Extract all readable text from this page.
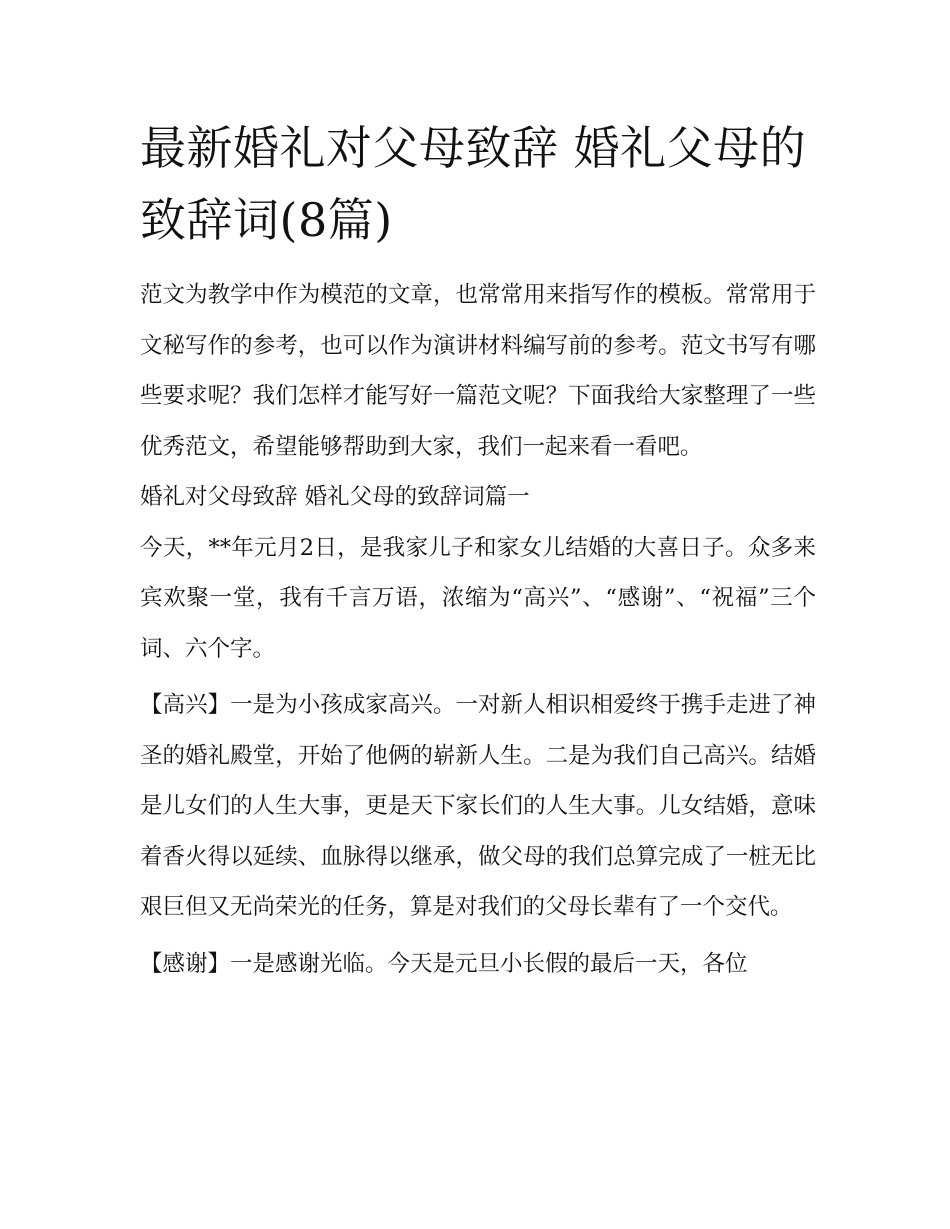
最新婚礼对父母致辞 婚礼父母的致辞词(8篇)

范文为教学中作为模范的文章，也常常用来指写作的模板。常常用于文秘写作的参考，也可以作为演讲材料编写前的参考。范文书写有哪些要求呢？我们怎样才能写好一篇范文呢？下面我给大家整理了一些优秀范文，希望能够帮助到大家，我们一起来看一看吧。

婚礼对父母致辞 婚礼父母的致辞词篇一

今天，**年元月2日，是我家儿子和家女儿结婚的大喜日子。众多来宾欢聚一堂，我有千言万语，浓缩为“高兴”、“感谢”、“祝福”三个词、六个字。

【高兴】一是为小孩成家高兴。一对新人相识相爱终于携手走进了神圣的婚礼殿堂，开始了他俩的崭新人生。二是为我们自己高兴。结婚是儿女们的人生大事，更是天下家长们的人生大事。儿女结婚，意味着香火得以延续、血脉得以继承，做父母的我们总算完成了一桩无比艰巨但又无尚荣光的任务，算是对我们的父母长辈有了一个交代。

【感谢】一是感谢光临。今天是元旦小长假的最后一天，各位
